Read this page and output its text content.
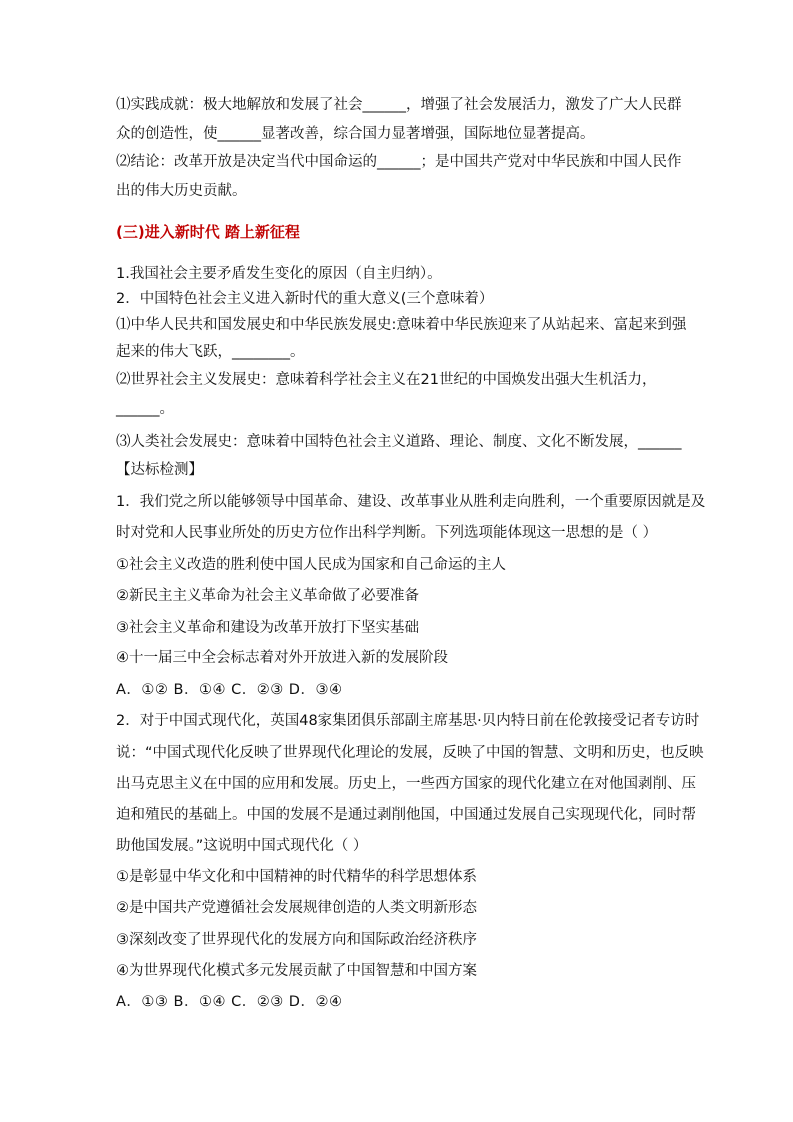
⑴实践成就：极大地解放和发展了社会______，增强了社会发展活力，激发了广大人民群
众的创造性，使______显著改善，综合国力显著增强，国际地位显著提高。
⑵结论：改革开放是决定当代中国命运的______；是中国共产党对中华民族和中国人民作
出的伟大历史贡献。
(三)进入新时代 踏上新征程
1.我国社会主要矛盾发生变化的原因（自主归纳）。
2．中国特色社会主义进入新时代的重大意义(三个意味着）
⑴中华人民共和国发展史和中华民族发展史:意味着中华民族迎来了从站起来、富起来到强
起来的伟大飞跃，________。
⑵世界社会主义发展史：意味着科学社会主义在21世纪的中国焕发出强大生机活力，
______。
⑶人类社会发展史：意味着中国特色社会主义道路、理论、制度、文化不断发展，______
【达标检测】
1．我们党之所以能够领导中国革命、建设、改革事业从胜利走向胜利，一个重要原因就是及
时对党和人民事业所处的历史方位作出科学判断。下列选项能体现这一思想的是（ ）
①社会主义改造的胜利使中国人民成为国家和自己命运的主人
②新民主主义革命为社会主义革命做了必要准备
③社会主义革命和建设为改革开放打下坚实基础
④十一届三中全会标志着对外开放进入新的发展阶段
A．①② B．①④ C．②③ D．③④
2．对于中国式现代化，英国48家集团俱乐部副主席基思·贝内特日前在伦敦接受记者专访时
说：“中国式现代化反映了世界现代化理论的发展，反映了中国的智慧、文明和历史，也反映
出马克思主义在中国的应用和发展。历史上，一些西方国家的现代化建立在对他国剥削、压
迫和殖民的基础上。中国的发展不是通过剥削他国，中国通过发展自己实现现代化，同时帮
助他国发展。”这说明中国式现代化（ ）
①是彰显中华文化和中国精神的时代精华的科学思想体系
②是中国共产党遵循社会发展规律创造的人类文明新形态
③深刻改变了世界现代化的发展方向和国际政治经济秩序
④为世界现代化模式多元发展贡献了中国智慧和中国方案
A．①③ B．①④ C．②③ D．②④
